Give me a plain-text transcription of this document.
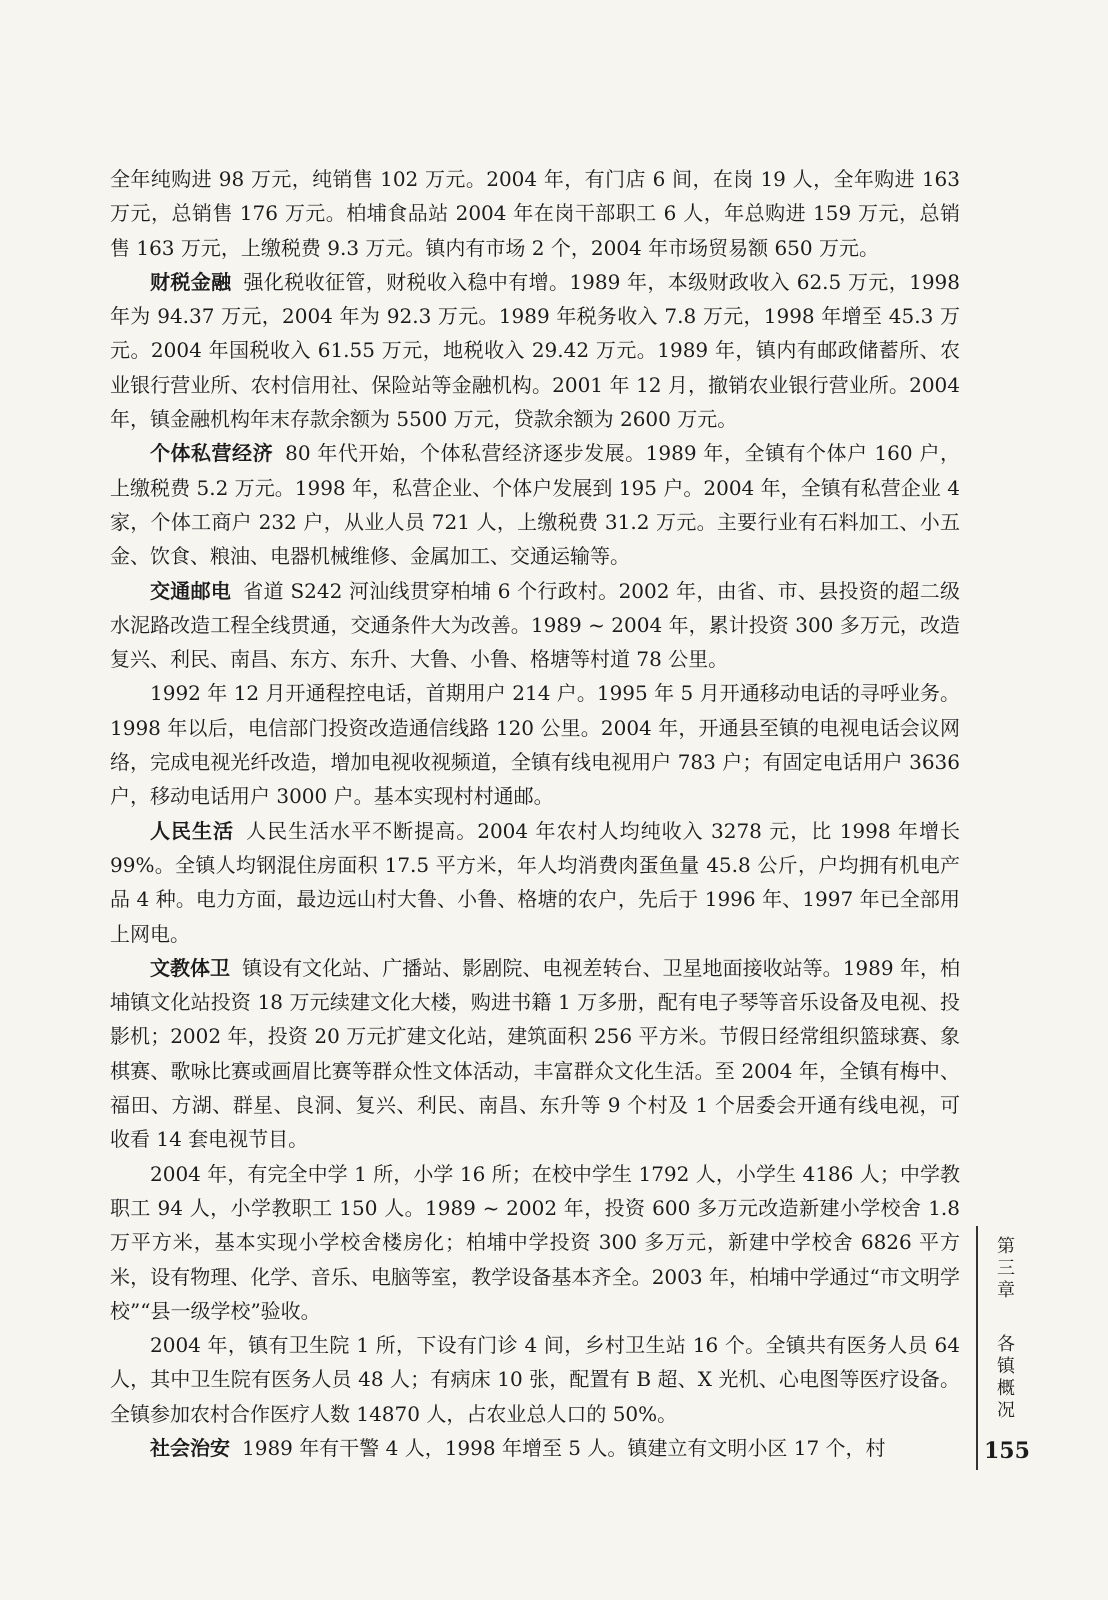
全年纯购进 98 万元，纯销售 102 万元。2004 年，有门店 6 间，在岗 19 人，全年购进 163 万元，总销售 176 万元。柏埔食品站 2004 年在岗干部职工 6 人，年总购进 159 万元，总销售 163 万元，上缴税费 9.3 万元。镇内有市场 2 个，2004 年市场贸易额 650 万元。

财税金融 强化税收征管，财税收入稳中有增。1989 年，本级财政收入 62.5 万元，1998 年为 94.37 万元，2004 年为 92.3 万元。1989 年税务收入 7.8 万元，1998 年增至 45.3 万元。2004 年国税收入 61.55 万元，地税收入 29.42 万元。1989 年，镇内有邮政储蓄所、农业银行营业所、农村信用社、保险站等金融机构。2001 年 12 月，撤销农业银行营业所。2004 年，镇金融机构年末存款余额为 5500 万元，贷款余额为 2600 万元。

个体私营经济 80 年代开始，个体私营经济逐步发展。1989 年，全镇有个体户 160 户，上缴税费 5.2 万元。1998 年，私营企业、个体户发展到 195 户。2004 年，全镇有私营企业 4 家，个体工商户 232 户，从业人员 721 人，上缴税费 31.2 万元。主要行业有石料加工、小五金、饮食、粮油、电器机械维修、金属加工、交通运输等。

交通邮电 省道 S242 河汕线贯穿柏埔 6 个行政村。2002 年，由省、市、县投资的超二级水泥路改造工程全线贯通，交通条件大为改善。1989 ~ 2004 年，累计投资 300 多万元，改造复兴、利民、南昌、东方、东升、大鲁、小鲁、格塘等村道 78 公里。

1992 年 12 月开通程控电话，首期用户 214 户。1995 年 5 月开通移动电话的寻呼业务。1998 年以后，电信部门投资改造通信线路 120 公里。2004 年，开通县至镇的电视电话会议网络，完成电视光纤改造，增加电视收视频道，全镇有线电视用户 783 户；有固定电话用户 3636 户，移动电话用户 3000 户。基本实现村村通邮。

人民生活 人民生活水平不断提高。2004 年农村人均纯收入 3278 元，比 1998 年增长 99%。全镇人均钢混住房面积 17.5 平方米，年人均消费肉蛋鱼量 45.8 公斤，户均拥有机电产品 4 种。电力方面，最边远山村大鲁、小鲁、格塘的农户，先后于 1996 年、1997 年已全部用上网电。

文教体卫 镇设有文化站、广播站、影剧院、电视差转台、卫星地面接收站等。1989 年，柏埔镇文化站投资 18 万元续建文化大楼，购进书籍 1 万多册，配有电子琴等音乐设备及电视、投影机；2002 年，投资 20 万元扩建文化站，建筑面积 256 平方米。节假日经常组织篮球赛、象棋赛、歌咏比赛或画眉比赛等群众性文体活动，丰富群众文化生活。至 2004 年，全镇有梅中、福田、方湖、群星、良洞、复兴、利民、南昌、东升等 9 个村及 1 个居委会开通有线电视，可收看 14 套电视节目。

2004 年，有完全中学 1 所，小学 16 所；在校中学生 1792 人，小学生 4186 人；中学教职工 94 人，小学教职工 150 人。1989 ~ 2002 年，投资 600 多万元改造新建小学校舍 1.8 万平方米，基本实现小学校舍楼房化；柏埔中学投资 300 多万元，新建中学校舍 6826 平方米，设有物理、化学、音乐、电脑等室，教学设备基本齐全。2003 年，柏埔中学通过“市文明学校”“县一级学校”验收。

2004 年，镇有卫生院 1 所，下设有门诊 4 间，乡村卫生站 16 个。全镇共有医务人员 64 人，其中卫生院有医务人员 48 人；有病床 10 张，配置有 B 超、X 光机、心电图等医疗设备。全镇参加农村合作医疗人数 14870 人，占农业总人口的 50%。

社会治安 1989 年有干警 4 人，1998 年增至 5 人。镇建立有文明小区 17 个，村

第三章
各镇概况
155
